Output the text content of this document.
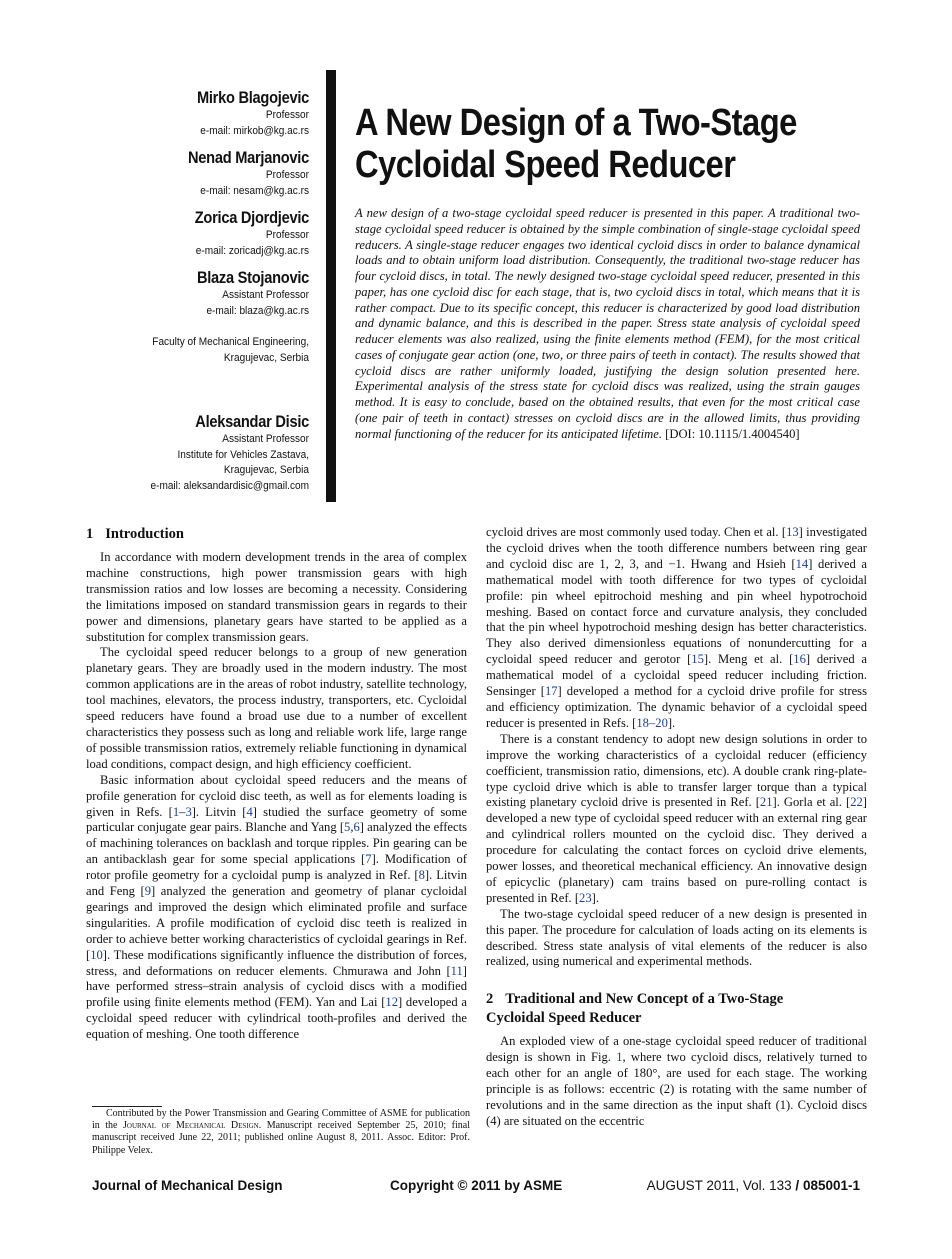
Mirko Blagojevic
Professor
e-mail: mirkob@kg.ac.rs
Nenad Marjanovic
Professor
e-mail: nesam@kg.ac.rs
Zorica Djordjevic
Professor
e-mail: zoricadj@kg.ac.rs
Blaza Stojanovic
Assistant Professor
e-mail: blaza@kg.ac.rs
Faculty of Mechanical Engineering,
Kragujevac, Serbia
Aleksandar Disic
Assistant Professor
Institute for Vehicles Zastava,
Kragujevac, Serbia
e-mail: aleksandardisic@gmail.com
A New Design of a Two-Stage
Cycloidal Speed Reducer

A new design of a two-stage cycloidal speed reducer is presented in this paper. A traditional two-stage cycloidal speed reducer is obtained by the simple combination of single-stage cycloidal speed reducers. A single-stage reducer engages two identical cycloid discs in order to balance dynamical loads and to obtain uniform load distribution. Consequently, the traditional two-stage reducer has four cycloid discs, in total. The newly designed two-stage cycloidal speed reducer, presented in this paper, has one cycloid disc for each stage, that is, two cycloid discs in total, which means that it is rather compact. Due to its specific concept, this reducer is characterized by good load distribution and dynamic balance, and this is described in the paper. Stress state analysis of cycloidal speed reducer elements was also realized, using the finite elements method (FEM), for the most critical cases of conjugate gear action (one, two, or three pairs of teeth in contact). The results showed that cycloid discs are rather uniformly loaded, justifying the design solution presented here. Experimental analysis of the stress state for cycloid discs was realized, using the strain gauges method. It is easy to conclude, based on the obtained results, that even for the most critical case (one pair of teeth in contact) stresses on cycloid discs are in the allowed limits, thus providing normal functioning of the reducer for its anticipated lifetime. [DOI: 10.1115/1.4004540]

1 Introduction

In accordance with modern development trends in the area of complex machine constructions, high power transmission gears with high transmission ratios and low losses are becoming a necessity. Considering the limitations imposed on standard transmission gears in regards to their power and dimensions, planetary gears have started to be applied as a substitution for complex transmission gears.

The cycloidal speed reducer belongs to a group of new generation planetary gears. They are broadly used in the modern industry. The most common applications are in the areas of robot industry, satellite technology, tool machines, elevators, the process industry, transporters, etc. Cycloidal speed reducers have found a broad use due to a number of excellent characteristics they possess such as long and reliable work life, large range of possible transmission ratios, extremely reliable functioning in dynamical load conditions, compact design, and high efficiency coefficient.

Basic information about cycloidal speed reducers and the means of profile generation for cycloid disc teeth, as well as for elements loading is given in Refs. [1–3]. Litvin [4] studied the surface geometry of some particular conjugate gear pairs. Blanche and Yang [5,6] analyzed the effects of machining tolerances on backlash and torque ripples. Pin gearing can be an antibacklash gear for some special applications [7]. Modification of rotor profile geometry for a cycloidal pump is analyzed in Ref. [8]. Litvin and Feng [9] analyzed the generation and geometry of planar cycloidal gearings and improved the design which eliminated profile and surface singularities. A profile modification of cycloid disc teeth is realized in order to achieve better working characteristics of cycloidal gearings in Ref. [10]. These modifications significantly influence the distribution of forces, stress, and deformations on reducer elements. Chmurawa and John [11] have performed stress–strain analysis of cycloid discs with a modified profile using finite elements method (FEM). Yan and Lai [12] developed a cycloidal speed reducer with cylindrical tooth-profiles and derived the equation of meshing. One tooth difference

cycloid drives are most commonly used today. Chen et al. [13] investigated the cycloid drives when the tooth difference numbers between ring gear and cycloid disc are 1, 2, 3, and −1. Hwang and Hsieh [14] derived a mathematical model with tooth difference for two types of cycloidal profile: pin wheel epitrochoid meshing and pin wheel hypotrochoid meshing. Based on contact force and curvature analysis, they concluded that the pin wheel hypotrochoid meshing design has better characteristics. They also derived dimensionless equations of nonundercutting for a cycloidal speed reducer and gerotor [15]. Meng et al. [16] derived a mathematical model of a cycloidal speed reducer including friction. Sensinger [17] developed a method for a cycloid drive profile for stress and efficiency optimization. The dynamic behavior of a cycloidal speed reducer is presented in Refs. [18–20].

There is a constant tendency to adopt new design solutions in order to improve the working characteristics of a cycloidal reducer (efficiency coefficient, transmission ratio, dimensions, etc). A double crank ring-plate-type cycloid drive which is able to transfer larger torque than a typical existing planetary cycloid drive is presented in Ref. [21]. Gorla et al. [22] developed a new type of cycloidal speed reducer with an external ring gear and cylindrical rollers mounted on the cycloid disc. They derived a procedure for calculating the contact forces on cycloid drive elements, power losses, and theoretical mechanical efficiency. An innovative design of epicyclic (planetary) cam trains based on pure-rolling contact is presented in Ref. [23].

The two-stage cycloidal speed reducer of a new design is presented in this paper. The procedure for calculation of loads acting on its elements is described. Stress state analysis of vital elements of the reducer is also realized, using numerical and experimental methods.

2 Traditional and New Concept of a Two-Stage
Cycloidal Speed Reducer

An exploded view of a one-stage cycloidal speed reducer of traditional design is shown in Fig. 1, where two cycloid discs, relatively turned to each other for an angle of 180°, are used for each stage. The working principle is as follows: eccentric (2) is rotating with the same number of revolutions and in the same direction as the input shaft (1). Cycloid discs (4) are situated on the eccentric

Contributed by the Power Transmission and Gearing Committee of ASME for publication in the Journal of Mechanical Design. Manuscript received September 25, 2010; final manuscript received June 22, 2011; published online August 8, 2011. Assoc. Editor: Prof. Philippe Velex.

Journal of Mechanical Design	Copyright © 2011 by ASME	AUGUST 2011, Vol. 133 / 085001-1
